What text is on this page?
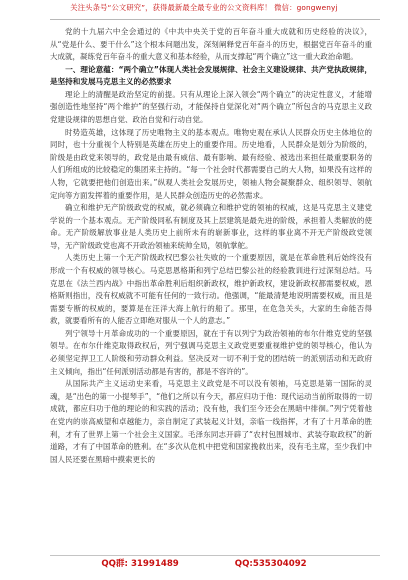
关注头条号“公文研究”，获得最新最全最专业的公文资料库！ 微信：gongwenyj

党的十九届六中全会通过的《中共中央关于党的百年奋斗重大成就和历史经验的决议》，从“党是什么、要干什么”这个根本问题出发，深刻阐释党百年奋斗的历史，根据党百年奋斗的重大成就，凝练党百年奋斗的重大意义和基本经验，从而支撑起“两个确立”这一重大政治命题。

一、理论意蕴：“两个确立”体现人类社会发展规律、社会主义建设规律、共产党执政规律，是坚持和发展马克思主义的必然要求

理论上的清醒是政治坚定的前提。只有从理论上深入领会“两个确立”的决定性意义，才能增强创造性地坚持“两个维护”的坚强行动，才能保持自觉深化对“两个确立”所包含的马克思主义政党建设规律的思想自觉、政治自觉和行动自觉。

时势造英雄，这体现了历史唯物主义的基本观点。唯物史观在承认人民群众历史主体地位的同时，也十分重视个人特别是英雄在历史上的重要作用。历史地看，人民群众是划分为阶级的，阶级是由政党来领导的，政党是由最有威信、最有影响、最有经验、被选出来担任最重要职务的人们所组成的比较稳定的集团来主持的。“每一个社会时代都需要自己的大人物，如果没有这样的人物，它就要把他们创造出来。”纵观人类社会发展历史，领袖人物会凝聚群众、组织领导、领航定向等方面发挥着的重要作用，是人民群众创造历史的必然需求。

确立和维护无产阶级政党的权威，就必须确立和维护党的领袖的权威，这是马克思主义建党学说的一个基本观点。无产阶级同私有制度及其上层建筑是最先进的阶级，承担着人类解放的使命。无产阶级解放事业是人类历史上前所未有的崭新事业，这样的事业离不开无产阶级政党领导，无产阶级政党也离不开政治领袖来统帅全局，领航掌舵。

人类历史上第一个无产阶级政权巴黎公社失败的一个重要原因，就是在革命胜利后始终没有形成一个有权威的领导核心。马克思恩格斯和列宁总结巴黎公社的经验教训进行过深刻总结。马克思在《法兰西内战》中指出革命胜利后组织新政权，维护新政权，建设新政权都需要权威，恩格斯则指出，没有权威就不可能有任何的一致行动。他强调，“能最清楚地说明需要权威，而且是需要专断的权威的，要算是在汪洋大海上航行的船了。那里，在危急关头，大家的生命能否得救，就要看所有的人能否立即绝对服从一个人的意志。”

列宁领导十月革命成功的一个重要原因，就在于有以列宁为政治领袖的布尔什维克党的坚强领导。在布尔什维克取得政权后，列宁强调马克思主义政党更要重视维护党的领导核心，他认为必须坚定捍卫工人阶级和劳动群众利益。坚决反对一切不利于党的团结统一的派别活动和无政府主义倾向，指出“任何派别活动都是有害的，都是不容许的”。

从国际共产主义运动史来看，马克思主义政党是不可以没有领袖，马克思是第一国际的灵魂，是“出色的第一小提琴手”，“他们之所以有今天，都应归功于他：现代运动当前所取得的一切成就，都应归功于他的理论的和实践的活动；没有他，我们至今还会在黑暗中徘徊。”列宁凭着他在党内的崇高威望和卓越能力，亲自制定了武装起义计划，亲临一线指挥，才有了十月革命的胜利，才有了世界上第一个社会主义国家。毛泽东同志开辟了“农村包围城市、武装夺取政权”的新道路，才有了中国革命的胜利。在“多次从危机中把党和国家挽救出来，没有毛主席，至少我们中国人民还要在黑暗中摸索更长的

QQ群: 31991489	QQ:535304092
